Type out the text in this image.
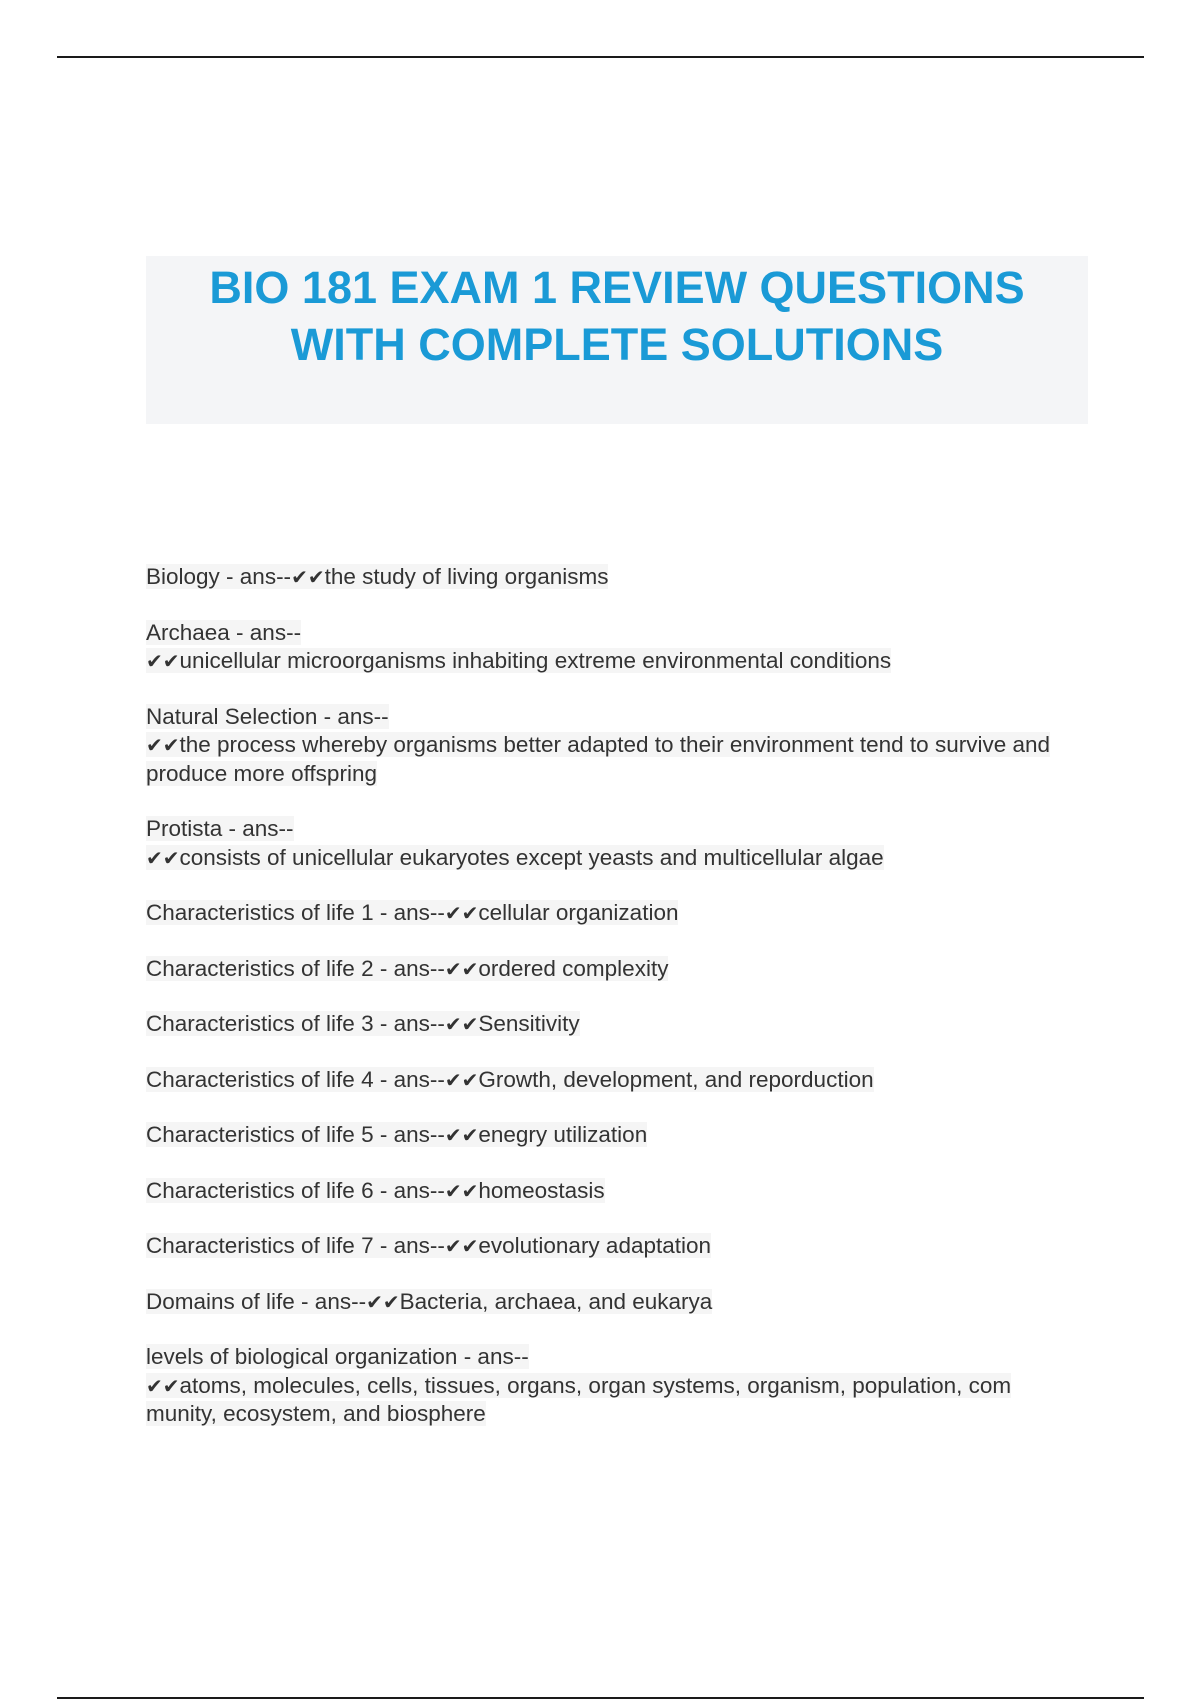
BIO 181 EXAM 1 REVIEW QUESTIONS
WITH COMPLETE SOLUTIONS
Biology - ans--✔✔the study of living organisms
Archaea - ans--
✔✔unicellular microorganisms inhabiting extreme environmental conditions
Natural Selection - ans--
✔✔the process whereby organisms better adapted to their environment tend to survive and produce more offspring
Protista - ans--
✔✔consists of unicellular eukaryotes except yeasts and multicellular algae
Characteristics of life 1 - ans--✔✔cellular organization
Characteristics of life 2 - ans--✔✔ordered complexity
Characteristics of life 3 - ans--✔✔Sensitivity
Characteristics of life 4 - ans--✔✔Growth, development, and reporduction
Characteristics of life 5 - ans--✔✔enegry utilization
Characteristics of life 6 - ans--✔✔homeostasis
Characteristics of life 7 - ans--✔✔evolutionary adaptation
Domains of life - ans--✔✔Bacteria, archaea, and eukarya
levels of biological organization - ans--
✔✔atoms, molecules, cells, tissues, organs, organ systems, organism, population, com munity, ecosystem, and biosphere
